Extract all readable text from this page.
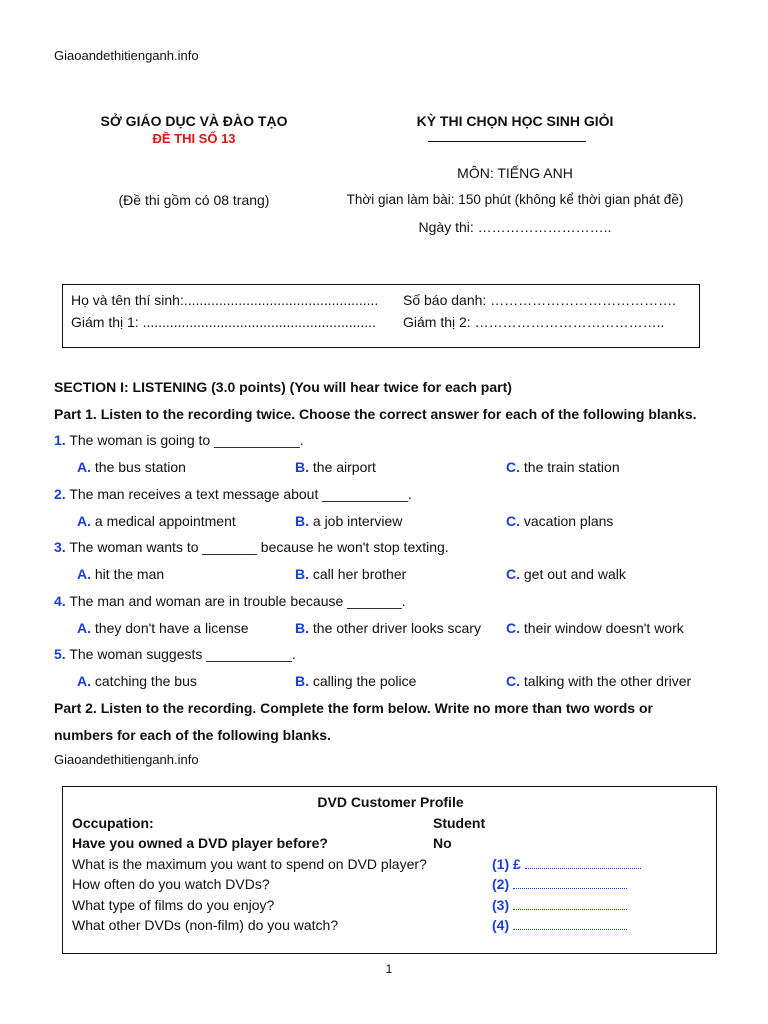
Giaoandethitienganh.info
SỞ GIÁO DỤC VÀ ĐÀO TẠO
ĐỀ THI SỐ 13
(Đề thi gồm có 08 trang)
KỲ THI CHỌN HỌC SINH GIỎI
MÔN: TIẾNG ANH
Thời gian làm bài: 150 phút (không kể thời gian phát đề)
Ngày thi: ………………………..
Họ và tên thí sinh:.................................................. Số báo danh: ………………………………….
Giám thị 1: ............................................................ Giám thị 2: …………………………………..
SECTION I: LISTENING (3.0 points) (You will hear twice for each part)
Part 1. Listen to the recording twice. Choose the correct answer for each of the following blanks.
1. The woman is going to ___________.
A. the bus station	B. the airport	C. the train station
2. The man receives a text message about ___________.
A. a medical appointment	B. a job interview	C. vacation plans
3. The woman wants to _______ because he won't stop texting.
A. hit the man	B. call her brother	C. get out and walk
4. The man and woman are in trouble because _______.
A. they don't have a license	B. the other driver looks scary C. their window doesn't work
5. The woman suggests ___________.
A. catching the bus	B. calling the police	C. talking with the other driver
Part 2. Listen to the recording. Complete the form below. Write no more than two words or
numbers for each of the following blanks.
Giaoandethitienganh.info
DVD Customer Profile
Occupation:	Student
Have you owned a DVD player before?	No
What is the maximum you want to spend on DVD player?	(1) £
How often do you watch DVDs?	(2)
What type of films do you enjoy?	(3)
What other DVDs (non-film) do you watch?	(4)
1
